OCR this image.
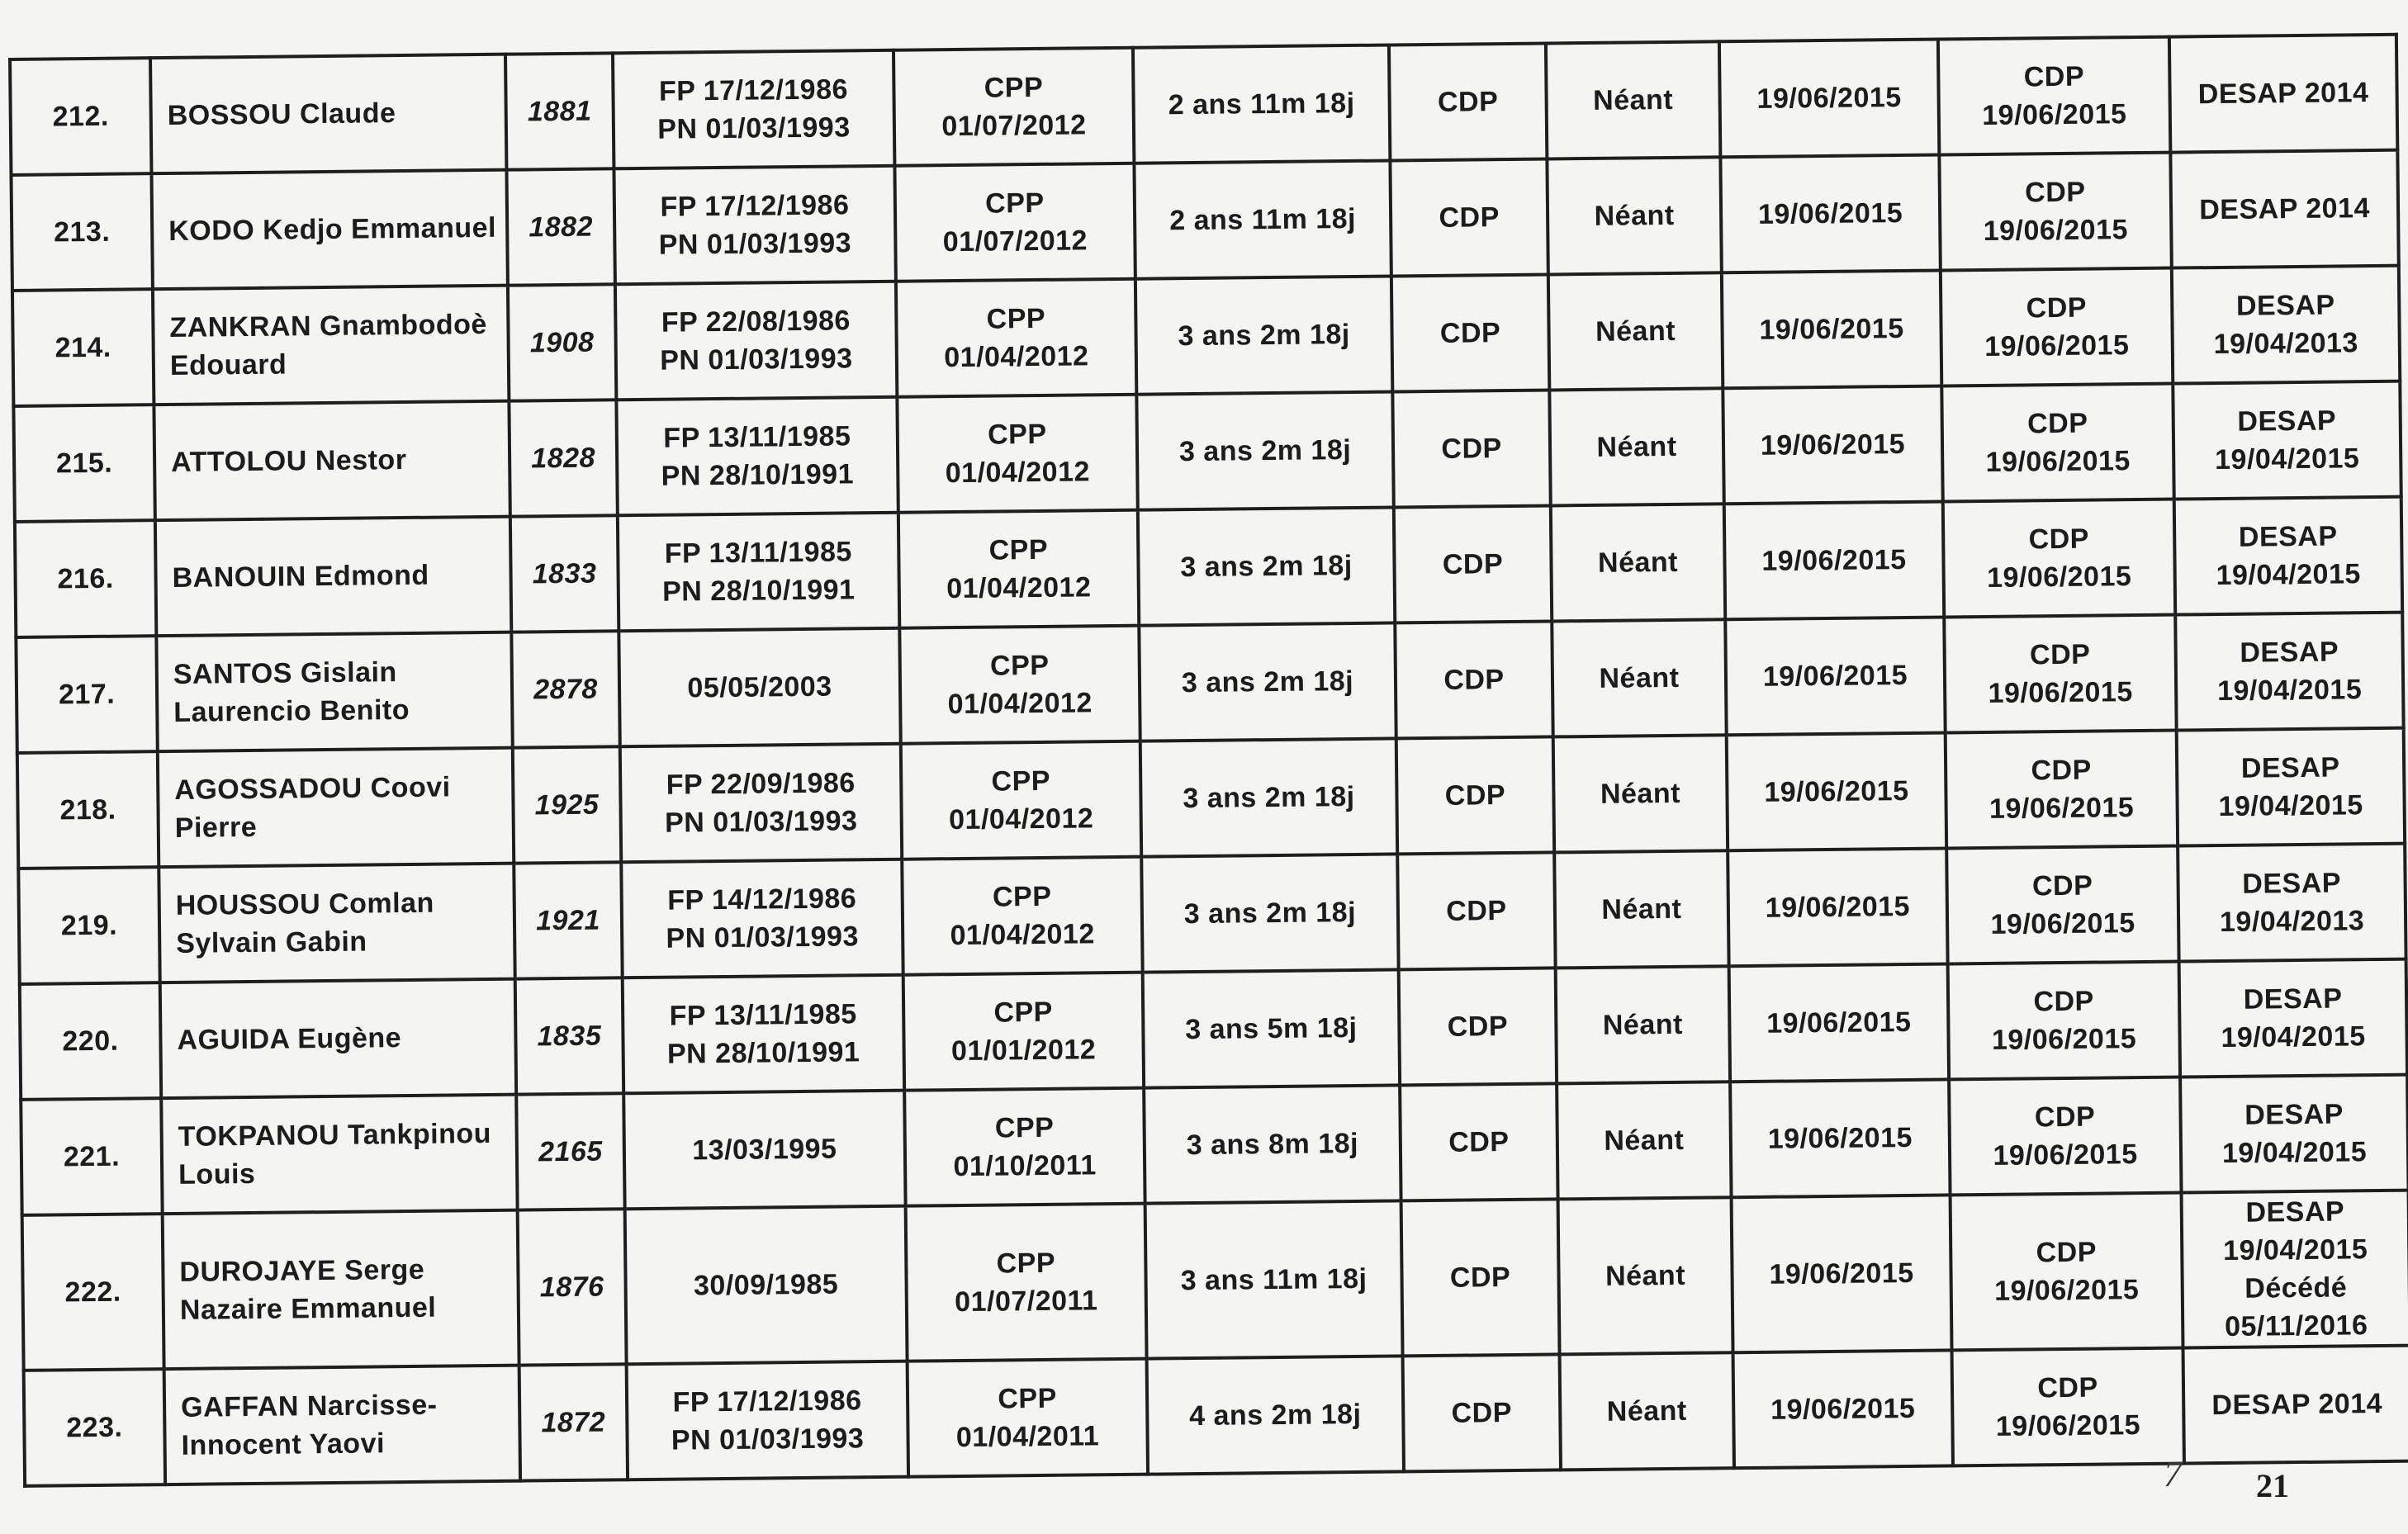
212.	BOSSOU Claude	1881	FP 17/12/1986
PN 01/03/1993	CPP
01/07/2012	2 ans 11m 18j	CDP	Néant	19/06/2015	CDP
19/06/2015	DESAP 2014

213.	KODO Kedjo Emmanuel	1882	FP 17/12/1986
PN 01/03/1993	CPP
01/07/2012	2 ans 11m 18j	CDP	Néant	19/06/2015	CDP
19/06/2015	DESAP 2014

214.	ZANKRAN Gnambodoè
Edouard	1908	FP 22/08/1986
PN 01/03/1993	CPP
01/04/2012	3 ans 2m 18j	CDP	Néant	19/06/2015	CDP
19/06/2015	DESAP
19/04/2013

215.	ATTOLOU Nestor	1828	FP 13/11/1985
PN 28/10/1991	CPP
01/04/2012	3 ans 2m 18j	CDP	Néant	19/06/2015	CDP
19/06/2015	DESAP
19/04/2015

216.	BANOUIN Edmond	1833	FP 13/11/1985
PN 28/10/1991	CPP
01/04/2012	3 ans 2m 18j	CDP	Néant	19/06/2015	CDP
19/06/2015	DESAP
19/04/2015

217.	SANTOS Gislain
Laurencio Benito	2878	05/05/2003	CPP
01/04/2012	3 ans 2m 18j	CDP	Néant	19/06/2015	CDP
19/06/2015	DESAP
19/04/2015

218.	AGOSSADOU Coovi
Pierre	1925	FP 22/09/1986
PN 01/03/1993	CPP
01/04/2012	3 ans 2m 18j	CDP	Néant	19/06/2015	CDP
19/06/2015	DESAP
19/04/2015

219.	HOUSSOU Comlan
Sylvain Gabin	1921	FP 14/12/1986
PN 01/03/1993	CPP
01/04/2012	3 ans 2m 18j	CDP	Néant	19/06/2015	CDP
19/06/2015	DESAP
19/04/2013

220.	AGUIDA Eugène	1835	FP 13/11/1985
PN 28/10/1991	CPP
01/01/2012	3 ans 5m 18j	CDP	Néant	19/06/2015	CDP
19/06/2015	DESAP
19/04/2015

221.	TOKPANOU Tankpinou
Louis	2165	13/03/1995	CPP
01/10/2011	3 ans 8m 18j	CDP	Néant	19/06/2015	CDP
19/06/2015	DESAP
19/04/2015

222.	DUROJAYE Serge
Nazaire Emmanuel	1876	30/09/1985	CPP
01/07/2011	3 ans 11m 18j	CDP	Néant	19/06/2015	CDP
19/06/2015	DESAP
19/04/2015
Décédé
05/11/2016

223.	GAFFAN Narcisse-
Innocent Yaovi	1872	FP 17/12/1986
PN 01/03/1993	CPP
01/04/2011	4 ans 2m 18j	CDP	Néant	19/06/2015	CDP
19/06/2015	DESAP 2014
7 21
